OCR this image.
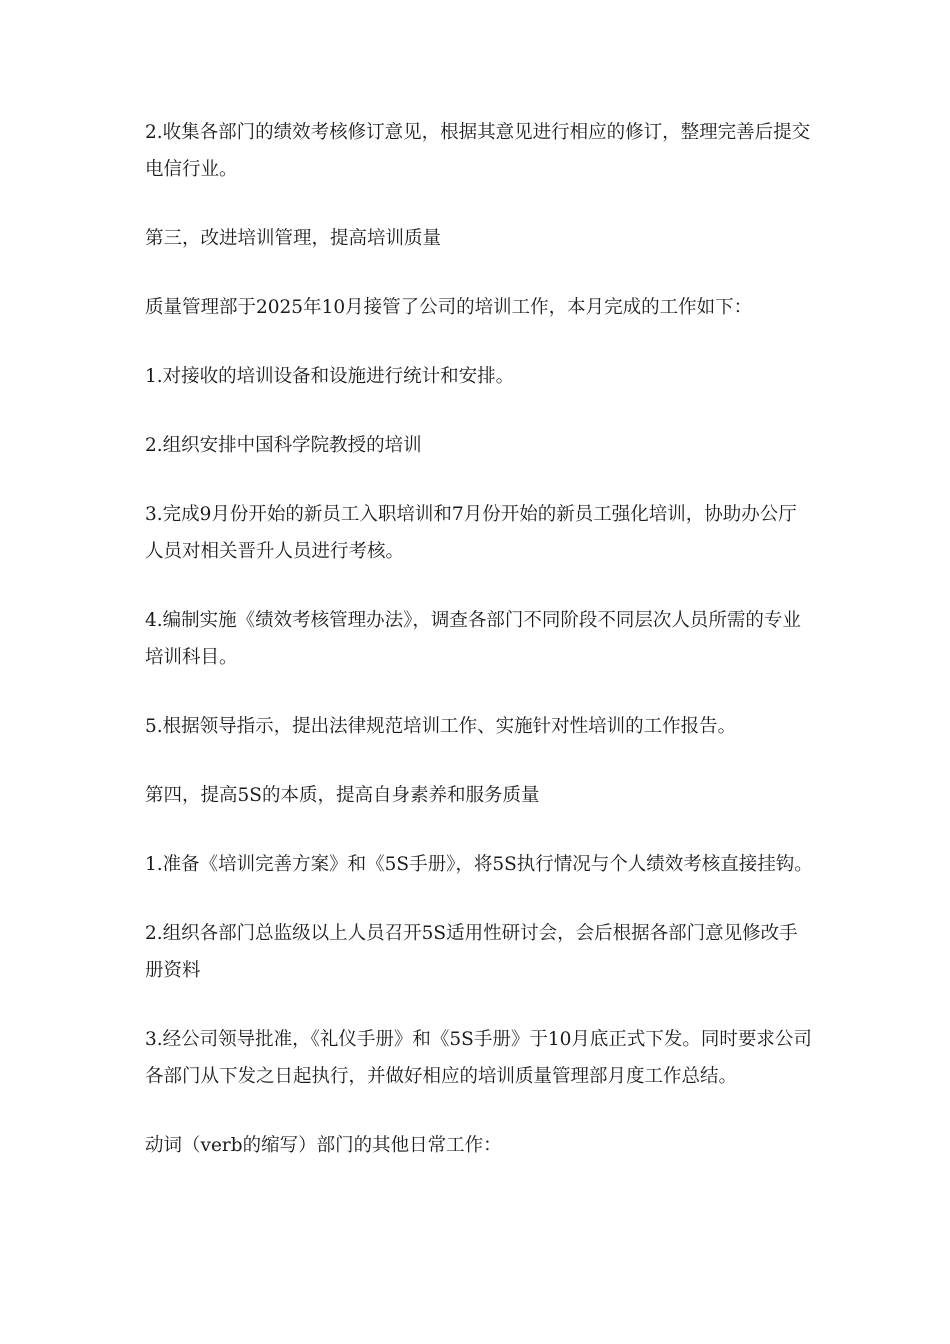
2.收集各部门的绩效考核修订意见，根据其意见进行相应的修订，整理完善后提交电信行业。

第三，改进培训管理，提高培训质量

质量管理部于2025年10月接管了公司的培训工作，本月完成的工作如下：

1.对接收的培训设备和设施进行统计和安排。

2.组织安排中国科学院教授的培训

3.完成9月份开始的新员工入职培训和7月份开始的新员工强化培训，协助办公厅人员对相关晋升人员进行考核。

4.编制实施《绩效考核管理办法》，调查各部门不同阶段不同层次人员所需的专业培训科目。

5.根据领导指示，提出法律规范培训工作、实施针对性培训的工作报告。

第四，提高5S的本质，提高自身素养和服务质量

1.准备《培训完善方案》和《5S手册》，将5S执行情况与个人绩效考核直接挂钩。

2.组织各部门总监级以上人员召开5S适用性研讨会，会后根据各部门意见修改手册资料

3.经公司领导批准，《礼仪手册》和《5S手册》于10月底正式下发。同时要求公司各部门从下发之日起执行，并做好相应的培训质量管理部月度工作总结。

动词（verb的缩写）部门的其他日常工作：
